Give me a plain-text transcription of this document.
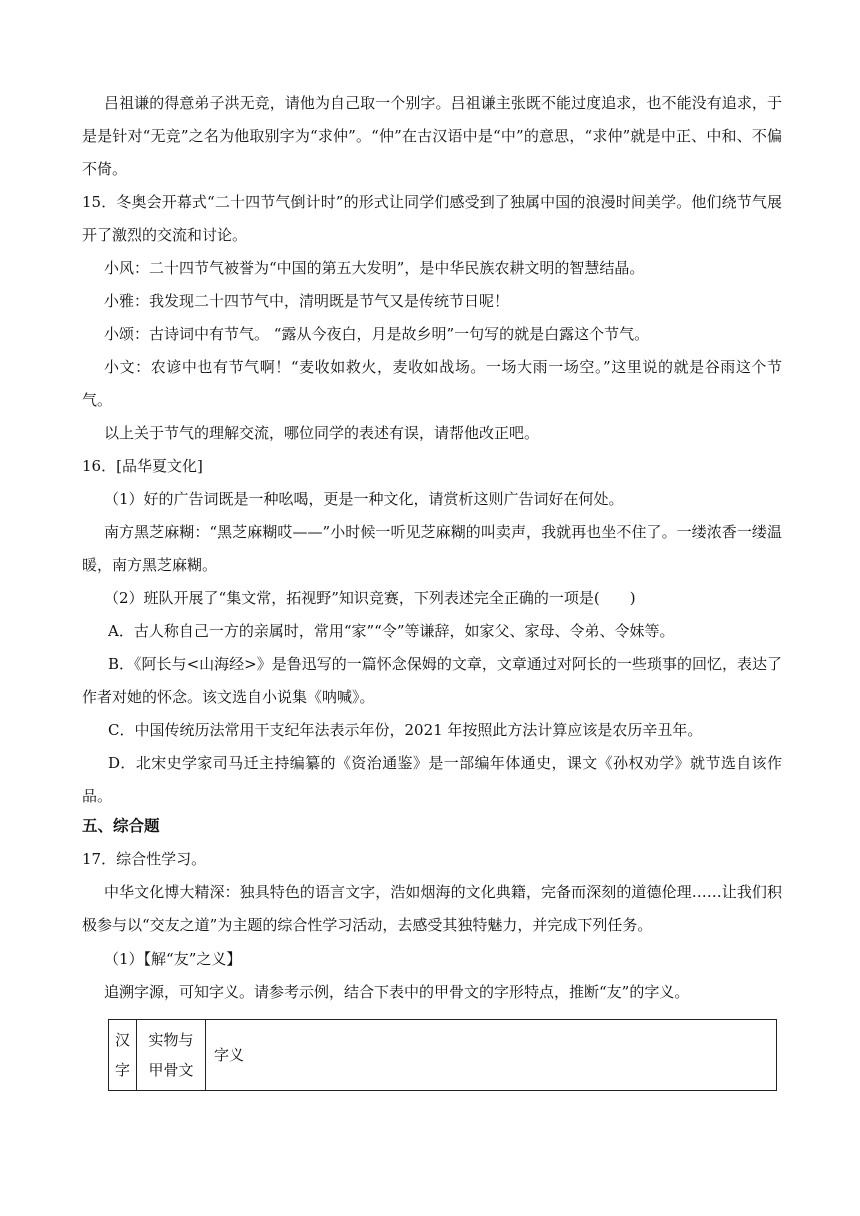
吕祖谦的得意弟子洪无竞，请他为自己取一个别字。吕祖谦主张既不能过度追求，也不能没有追求，于是是针对“无竞”之名为他取别字为“求仲”。“仲”在古汉语中是“中”的意思，“求仲”就是中正、中和、不偏不倚。

15．冬奥会开幕式“二十四节气倒计时”的形式让同学们感受到了独属中国的浪漫时间美学。他们绕节气展开了激烈的交流和讨论。

小风：二十四节气被誉为“中国的第五大发明”，是中华民族农耕文明的智慧结晶。

小雅：我发现二十四节气中，清明既是节气又是传统节日呢！

小颂：古诗词中有节气。 “露从今夜白，月是故乡明”一句写的就是白露这个节气。

小文：农谚中也有节气啊！“麦收如救火，麦收如战场。一场大雨一场空。”这里说的就是谷雨这个节气。

以上关于节气的理解交流，哪位同学的表述有误，请帮他改正吧。

16．[品华夏文化]

（1）好的广告词既是一种吆喝，更是一种文化，请赏析这则广告词好在何处。

南方黑芝麻糊：“黑芝麻糊哎——”小时候一听见芝麻糊的叫卖声，我就再也坐不住了。一缕浓香一缕温暖，南方黑芝麻糊。

（2）班队开展了“集文常，拓视野”知识竞赛，下列表述完全正确的一项是(　　)

A．古人称自己一方的亲属时，常用“家”“令”等谦辞，如家父、家母、令弟、令妹等。

B．《阿长与<山海经>》是鲁迅写的一篇怀念保姆的文章，文章通过对阿长的一些琐事的回忆，表达了作者对她的怀念。该文选自小说集《呐喊》。

C．中国传统历法常用干支纪年法表示年份，2021 年按照此方法计算应该是农历辛丑年。

D．北宋史学家司马迁主持编纂的《资治通鉴》是一部编年体通史，课文《孙权劝学》就节选自该作品。

五、综合题

17．综合性学习。

中华文化博大精深：独具特色的语言文字，浩如烟海的文化典籍，完备而深刻的道德伦理……让我们积极参与以“交友之道”为主题的综合性学习活动，去感受其独特魅力，并完成下列任务。

（1）【解“友”之义】

追溯字源，可知字义。请参考示例，结合下表中的甲骨文的字形特点，推断“友”的字义。

汉字	实物与甲骨文	字义
